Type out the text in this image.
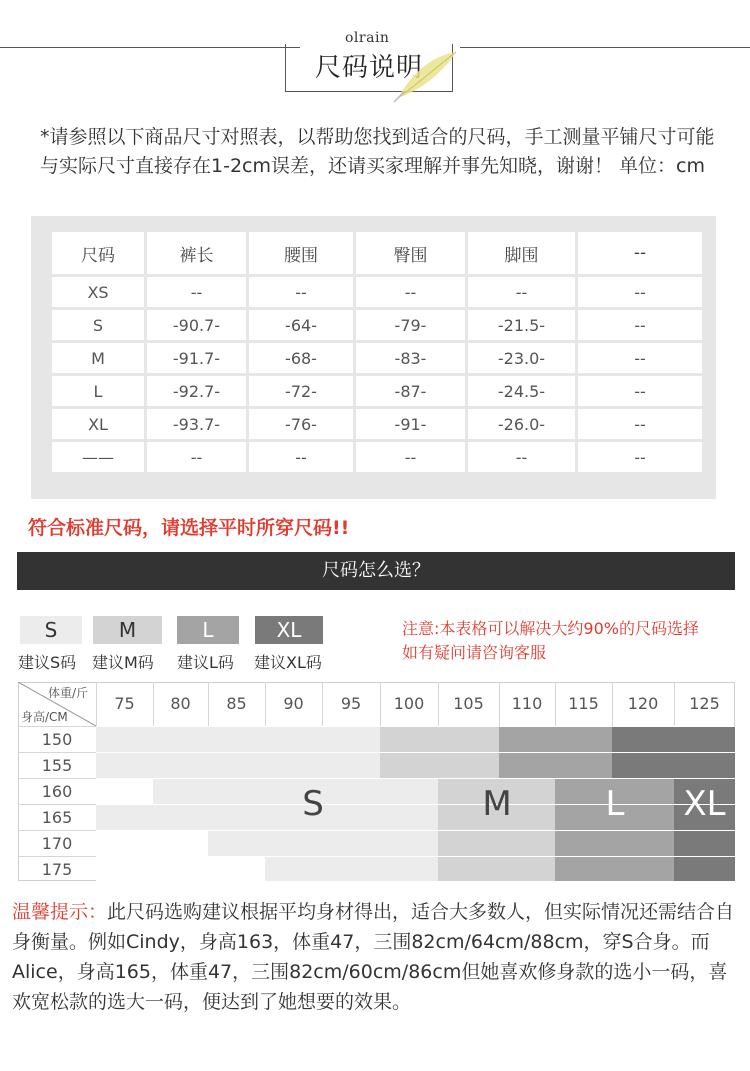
olrain
尺码说明
*请参照以下商品尺寸对照表，以帮助您找到适合的尺码，手工测量平铺尺寸可能与实际尺寸直接存在1-2cm误差，还请买家理解并事先知晓，谢谢！ 单位：cm
尺码	裤长	腰围	臀围	脚围	--
XS	--	--	--	--	--
S	-90.7-	-64-	-79-	-21.5-	--
M	-91.7-	-68-	-83-	-23.0-	--
L	-92.7-	-72-	-87-	-24.5-	--
XL	-93.7-	-76-	-91-	-26.0-	--
——	--	--	--	--	--
符合标准尺码，请选择平时所穿尺码!!
尺码怎么选？
S
建议S码
M
建议M码
L
建议L码
XL
建议XL码
注意:本表格可以解决大约90%的尺码选择
如有疑问请咨询客服
体重/斤
身高/CM
75	80	85	90	95	100	105	110	115	120	125
150
155
160
165
170
175
S	M	L	XL
温馨提示：此尺码选购建议根据平均身材得出，适合大多数人，但实际情况还需结合自身衡量。例如Cindy，身高163，体重47，三围82cm/64cm/88cm，穿S合身。而Alice，身高165，体重47，三围82cm/60cm/86cm但她喜欢修身款的选小一码，喜欢宽松款的选大一码，便达到了她想要的效果。
